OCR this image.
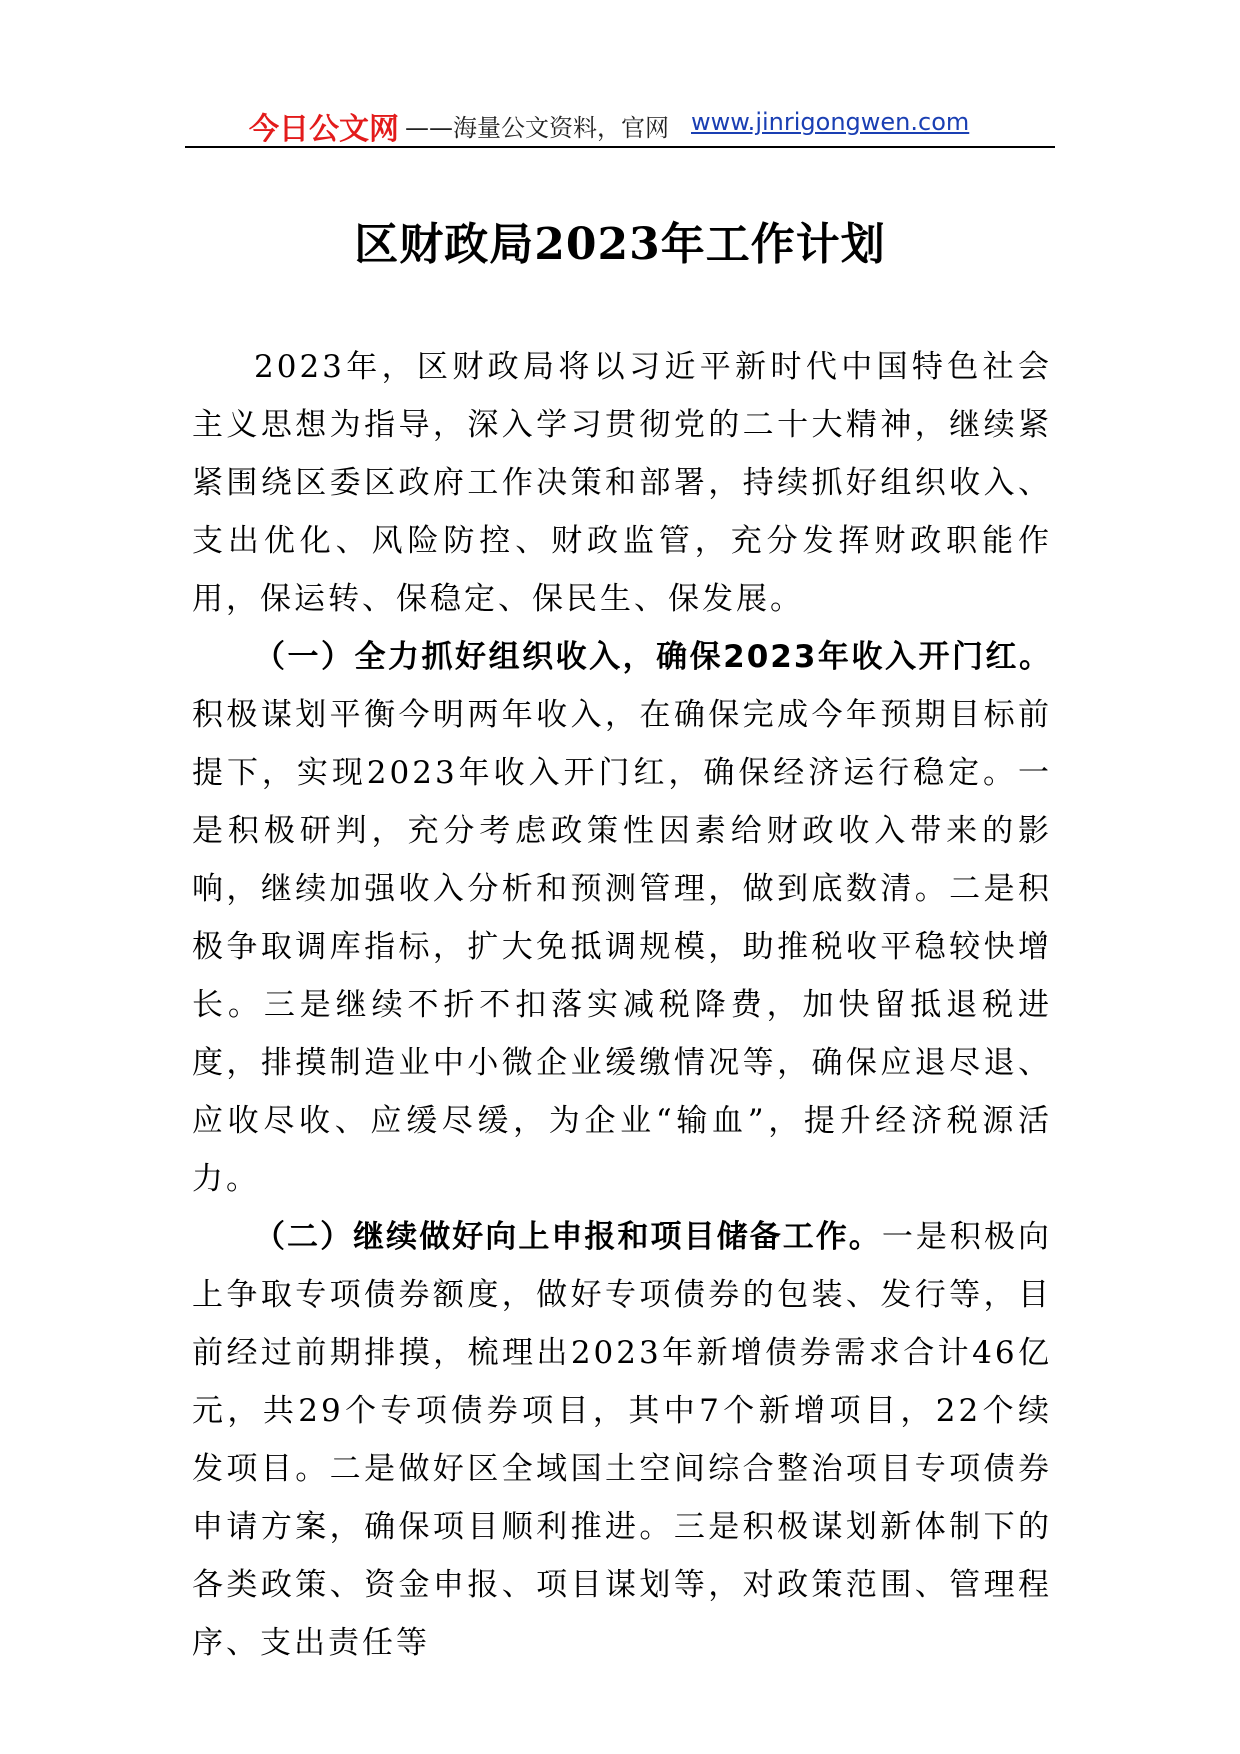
今日公文网 ——海量公文资料，官网 www.jinrigongwen.com
区财政局2023年工作计划

2023年，区财政局将以习近平新时代中国特色社会主义思想为指导，深入学习贯彻党的二十大精神，继续紧紧围绕区委区政府工作决策和部署，持续抓好组织收入、支出优化、风险防控、财政监管，充分发挥财政职能作用，保运转、保稳定、保民生、保发展。

（一）全力抓好组织收入，确保2023年收入开门红。积极谋划平衡今明两年收入，在确保完成今年预期目标前提下，实现2023年收入开门红，确保经济运行稳定。一是积极研判，充分考虑政策性因素给财政收入带来的影响，继续加强收入分析和预测管理，做到底数清。二是积极争取调库指标，扩大免抵调规模，助推税收平稳较快增长。三是继续不折不扣落实减税降费，加快留抵退税进度，排摸制造业中小微企业缓缴情况等，确保应退尽退、应收尽收、应缓尽缓，为企业“输血”，提升经济税源活力。

（二）继续做好向上申报和项目储备工作。一是积极向上争取专项债券额度，做好专项债券的包装、发行等，目前经过前期排摸，梳理出2023年新增债券需求合计46亿元，共29个专项债券项目，其中7个新增项目，22个续发项目。二是做好区全域国土空间综合整治项目专项债券申请方案，确保项目顺利推进。三是积极谋划新体制下的各类政策、资金申报、项目谋划等，对政策范围、管理程序、支出责任等
